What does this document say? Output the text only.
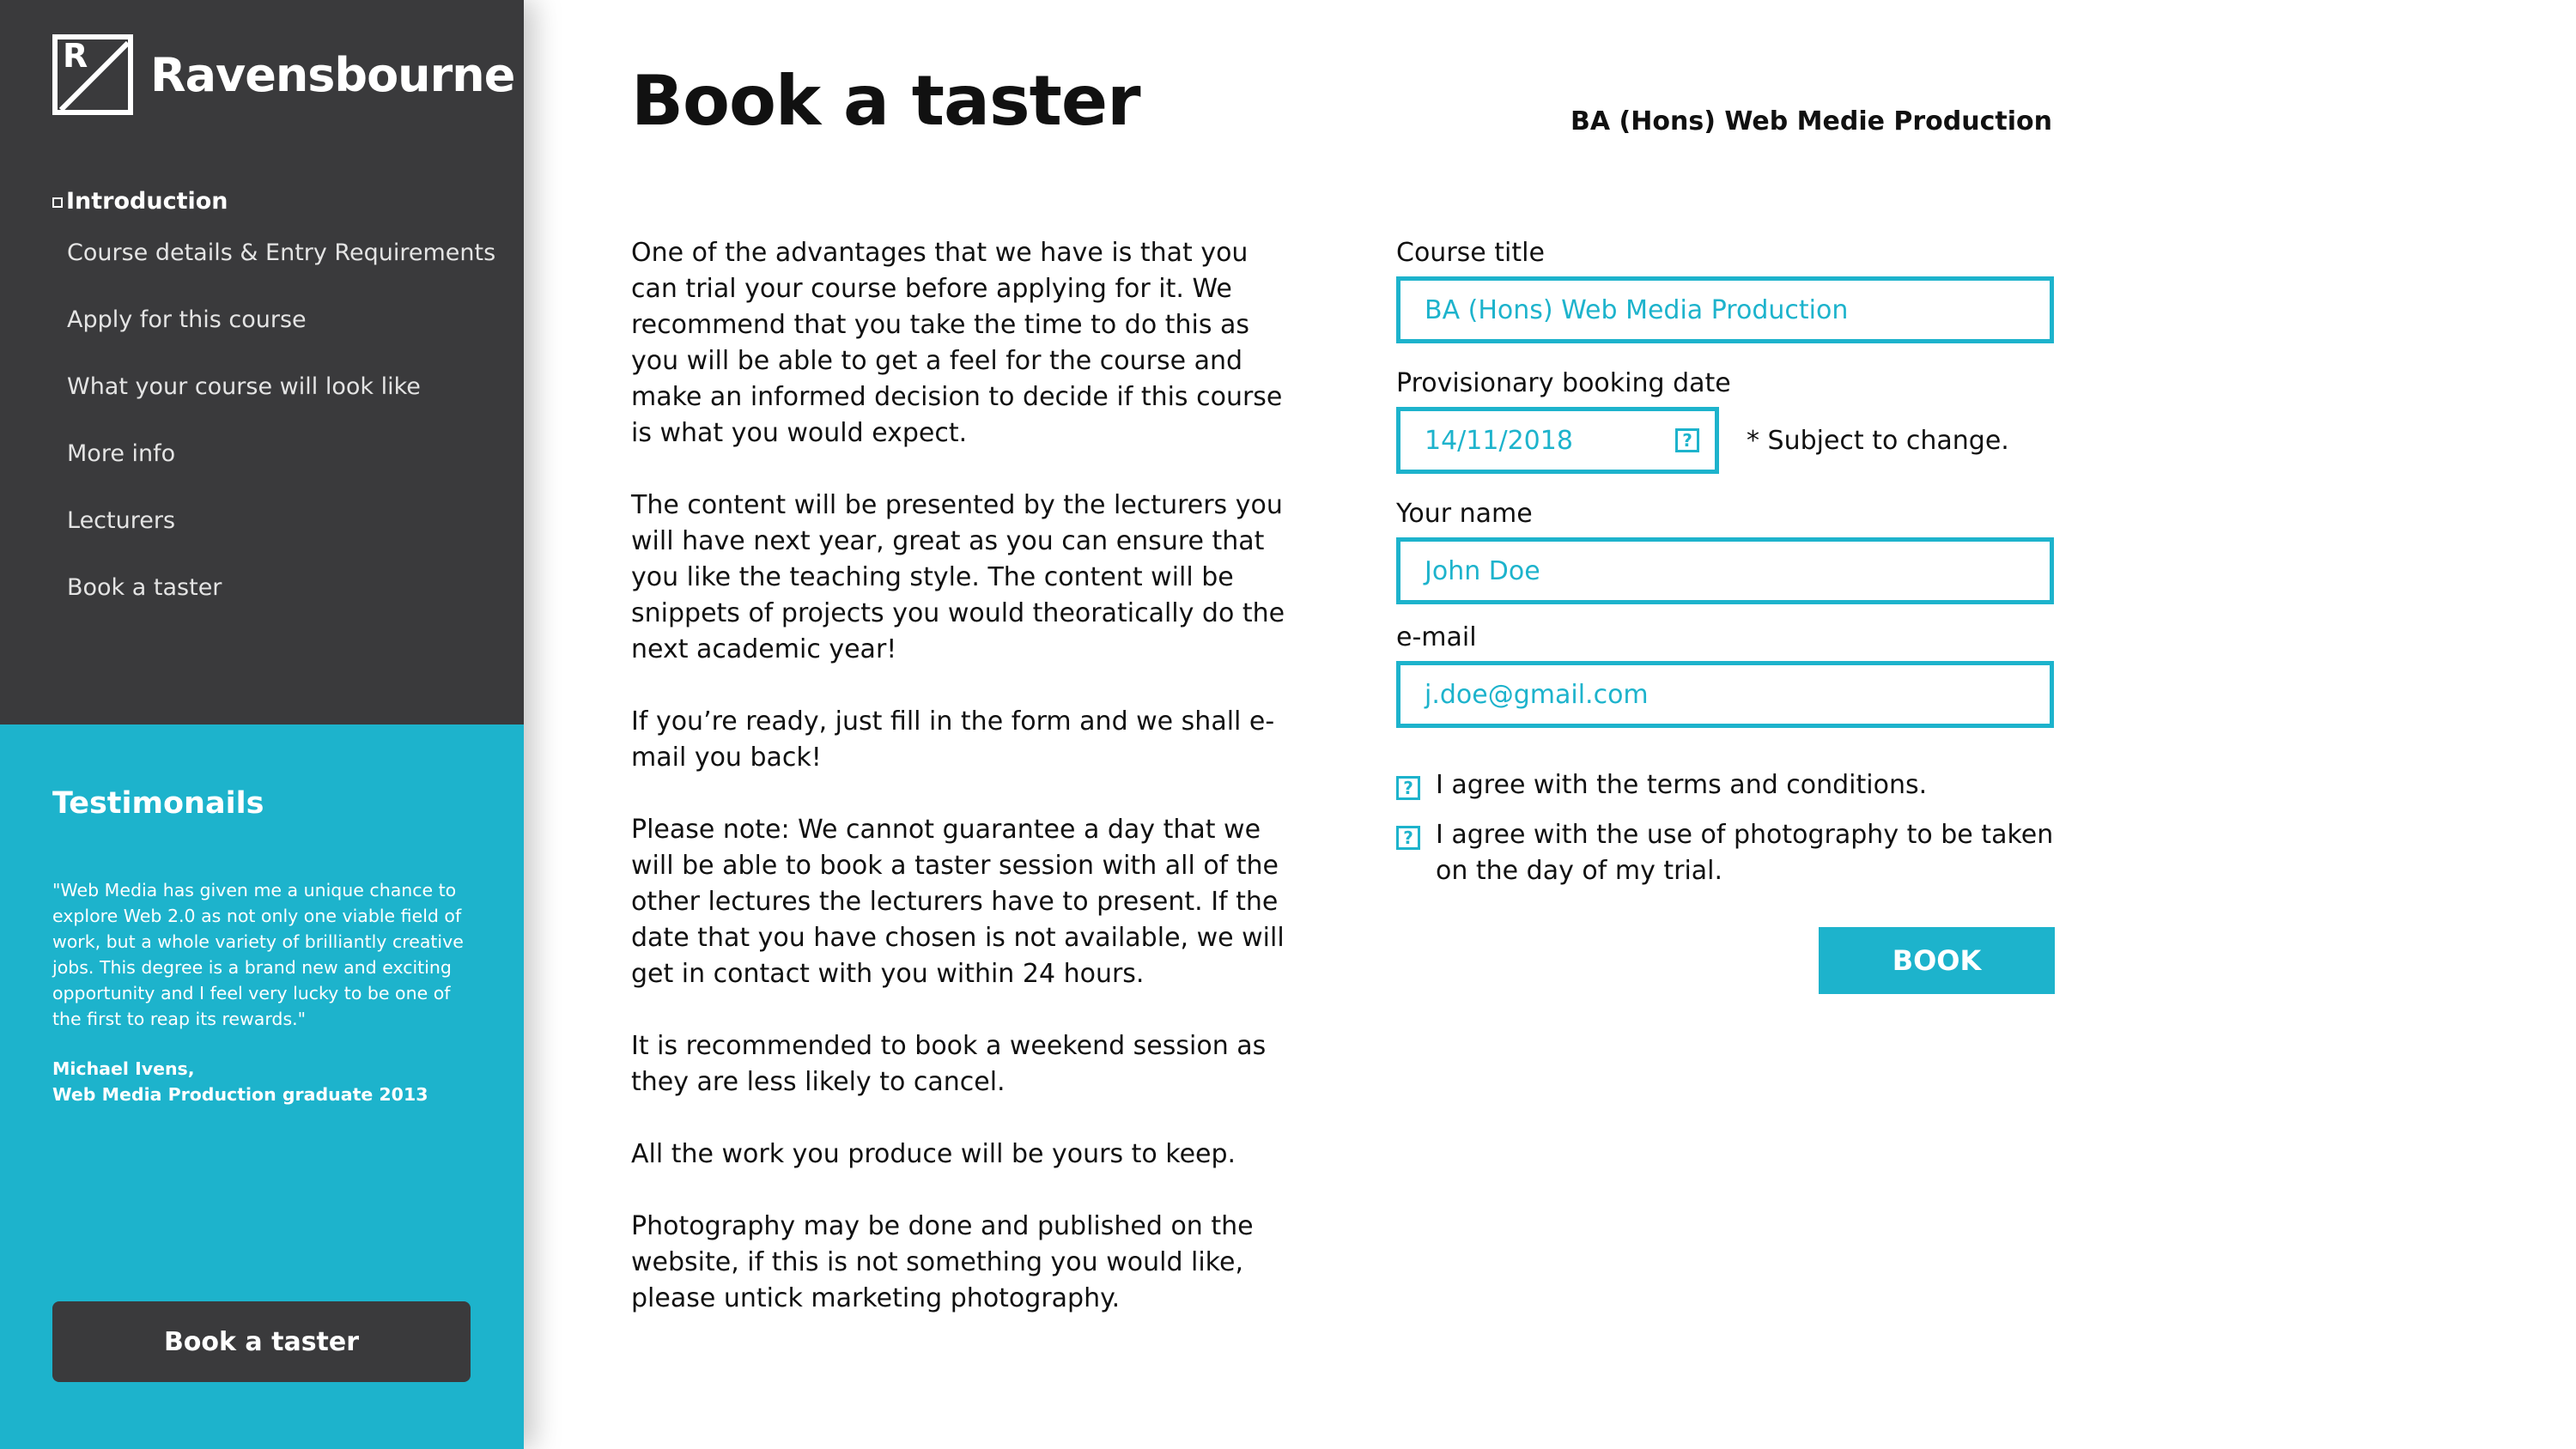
R Ravensbourne
Introduction
Course details & Entry Requirements
Apply for this course
What your course will look like
More info
Lecturers
Book a taster
Testimonails
"Web Media has given me a unique chance to explore Web 2.0 as not only one viable field of work, but a whole variety of brilliantly creative jobs. This degree is a brand new and exciting opportunity and I feel very lucky to be one of the first to reap its rewards."
Michael Ivens,
Web Media Production graduate 2013
Book a taster
Book a taster	BA (Hons) Web Medie Production

One of the advantages that we have is that you can trial your course before applying for it. We recommend that you take the time to do this as you will be able to get a feel for the course and make an informed decision to decide if this course is what you would expect.

The content will be presented by the lecturers you will have next year, great as you can ensure that you like the teaching style. The content will be snippets of projects you would theoratically do the next academic year!

If you’re ready, just fill in the form and we shall e-mail you back!

Please note: We cannot guarantee a day that we will be able to book a taster session with all of the other lectures the lecturers have to present. If the date that you have chosen is not available, we will get in contact with you within 24 hours.

It is recommended to book a weekend session as they are less likely to cancel.

All the work you produce will be yours to keep.

Photography may be done and published on the website, if this is not something you would like, please untick marketing photography.

Course title
BA (Hons) Web Media Production
Provisionary booking date
14/11/2018	? * Subject to change.
Your name
John Doe
e-mail
j.doe@gmail.com
? I agree with the terms and conditions.
? I agree with the use of photography to be taken on the day of my trial.
BOOK
